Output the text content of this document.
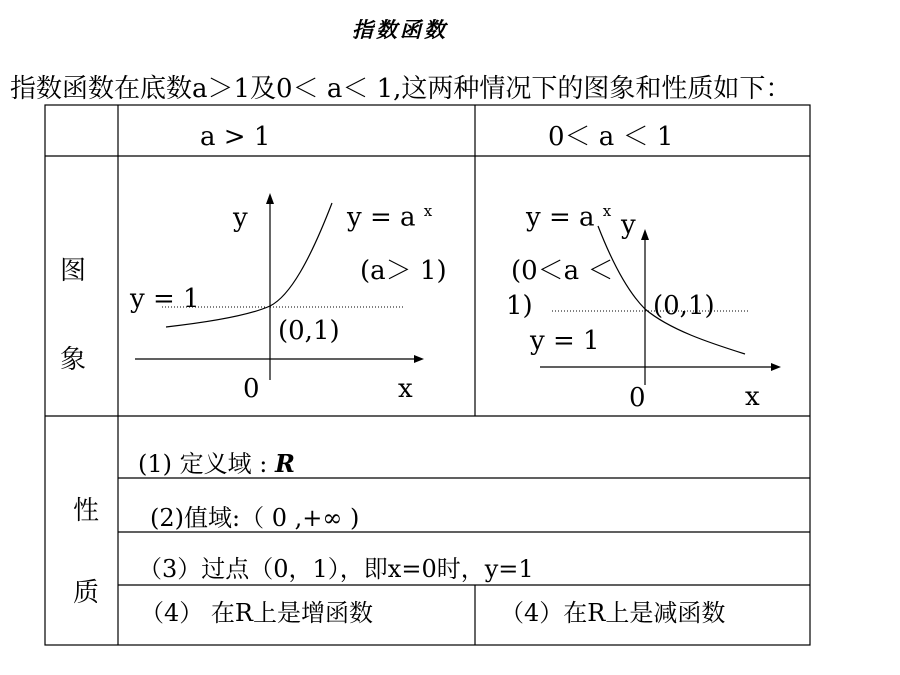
指数函数
指数函数在底数a＞1及0＜ a＜ 1,这两种情况下的图象和性质如下：
a > 1	0＜ a ＜ 1
图
象
性
质
y	y = a $^x$
(a＞ 1)
y = 1
(0,1)
0	x
y = a $^x$ y
(0＜a ＜
1)	(0,1)
y = 1
0	x
(1) 定义域 : R
(2)值域:（ 0 ,+∞ )
（3）过点（0，1），即x=0时，y=1
（4） 在R上是增函数	（4）在R上是减函数
